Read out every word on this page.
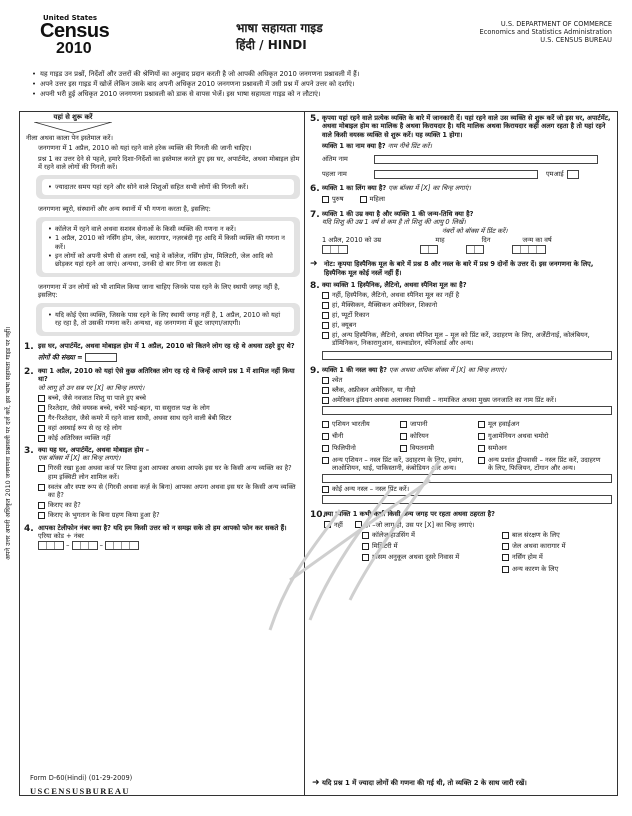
United States
Census
2010
भाषा सहायता गाइड
हिंदी / HINDI
U.S. DEPARTMENT OF COMMERCE
Economics and Statistics Administration
U.S. CENSUS BUREAU
• यह गाइड उन प्रश्नों, निर्देशों और उत्तरों की श्रेणियों का अनुवाद प्रदान करती है जो आपकी अधिकृत 2010 जनगणना प्रश्नावली में हैं।
• अपने उत्तर इस गाइड में खोजें लेकिन उसके बाद अपनी अधिकृत 2010 जनगणना प्रश्नावली में उसी प्रश्न में अपने उत्तर को दर्शाएं।
• अपनी भरी हुई अधिकृत 2010 जनगणना प्रश्नावली को डाक से वापस भेजें। इस भाषा सहायता गाइड को न लौटाएं।
अपने उत्तर अपनी अधिकृत 2010 जनगणना प्रश्नावली पर दर्ज करें, इस भाषा सहायता गाइड पर नहीं।
नीला अथवा काला पेन इस्तेमाल करें।
जनगणना में 1 अप्रैल, 2010 को यहां रहने वाले हरेक व्यक्ति की गिनती की जानी चाहिए।
प्रश्न 1 का उत्तर देने से पहले, हमारे दिशा-निर्देशों का इस्तेमाल करते हुए इस घर, अपार्टमेंट, अथवा मोबाइल होम में रहने वाले लोगों की गिनती करें।
• ज्यादातर समय यहां रहने और सोने वाले शिशुओं सहित सभी लोगों की गिनती करें।
जनगणना ब्यूरो, संस्थानों और अन्य स्थानों में भी गणना करता है, इसलिए:
• कॉलेज में रहने वाले अथवा सशस्त्र सेनाओं के किसी व्यक्ति की गणना न करें।
• 1 अप्रैल, 2010 को नर्सिंग होम, जेल, कारागार, नज़रबंदी गृह आदि में किसी व्यक्ति की गणना न करें।
• इन लोगों को अपनी श्रेणी से अलग रखें, चाहे वे कॉलेज, नर्सिंग होम, मिलिटरी, जेल आदि को छोड़कर यहां रहने आ जाएं। अन्यथा, उनकी दो बार गिना जा सकता है।
जनगणना में उन लोगों को भी शामिल किया जाना चाहिए जिनके पास रहने के लिए स्थायी जगह नहीं है, इसलिए:
• यदि कोई ऐसा व्यक्ति, जिसके पास रहने के लिए स्थायी जगह नहीं है, 1 अप्रैल, 2010 को यहां रह रहा है, तो उसकी गणना करें। अन्यथा, वह जनगणना में छूट जाएगा/जाएगी।
1. इस घर, अपार्टमेंट, अथवा मोबाइल होम में 1 अप्रैल, 2010 को कितने लोग रह रहे थे अथवा ठहरे हुए थे?
लोगों की संख्या =
2. क्या 1 अप्रैल, 2010 को यहां ऐसे कुछ अतिरिक्त लोग रह रहे थे जिन्हें आपने प्रश्न 1 में शामिल नहीं किया था?
जो लागू हो उन सब पर [X] का चिन्ह लगाएं।
बच्चे, जैसे नवजात शिशु या पाले हुए बच्चे
रिश्तेदार, जैसे वयस्क बच्चे, चचेरे भाई-बहन, या ससुराल पक्ष के लोग
गैर-रिश्तेदार, जैसे कमरे में रहने वाला साथी, अथवा साथ रहने वाली बेबी सिटर
वहां अस्थाई रूप से रह रहे लोग
कोई अतिरिक्त व्यक्ति नहीं
3. क्या यह घर, अपार्टमेंट, अथवा मोबाइल होम –
एक बॉक्स में [X] का चिन्ह लगाएं।
गिरवी रखा हुआ अथवा कर्ज पर लिया हुआ आपका अथवा आपके इस घर के किसी अन्य व्यक्ति का है? हाम इक्विटी लोन शामिल करें।
स्वतंत्र और स्पष्ट रूप से (गिरवी अथवा कर्ज़ के बिना) आपका अपना अथवा इस घर के किसी अन्य व्यक्ति का है?
किराए का है?
किराए के भुगतान के बिना ग्रहण किया हुआ है?
4. आपका टेलीफोन नंबर क्या है? यदि हम किसी उत्तर को न समझ सके तो हम आपको फोन कर सकते हैं।
एरिया कोड + नंबर
–	–
यहां से शुरू करें
Form D-60(Hindi) (01-29-2009)
USCENSUSBUREAU
5. कृपया यहां रहने वाले प्रत्येक व्यक्ति के बारे में जानकारी दें। यहां रहने वाले उस व्यक्ति से शुरू करें जो इस घर, अपार्टमेंट, अथवा मोबाइल होम का मालिक है अथवा किरायदार है। यदि मालिक अथवा किरायदार कहीं अलग रहता है तो यहां रहने वाले किसी वयस्क व्यक्ति से शुरू करें। यह व्यक्ति 1 होगा।
व्यक्ति 1 का नाम क्या है? नाम नीचे प्रिंट करें।
अंतिम नाम
पहला नाम	एमआई
6. व्यक्ति 1 का लिंग क्या है? एक बॉक्स में [X] का चिन्ह लगाएं।
पुरुष	महिला
7. व्यक्ति 1 की उम्र क्या है और व्यक्ति 1 की जन्म-तिथि क्या है?
यदि शिशु की उम्र 1 वर्ष से कम है तो शिशु की आयु 0 लिखें।
नंबरों को बॉक्स में प्रिंट करें।
1 अप्रैल, 2010 को उम्र	माह	दिन	जन्म का वर्ष
➜ नोट: कृपया हिस्पैनिक मूल के बारे में प्रश्न 8 और नस्ल के बारे में प्रश्न 9 दोनों के उत्तर दें। इस जनगणना के लिए, हिस्पैनिक मूल कोई नस्लें नहीं हैं।
8. क्या व्यक्ति 1 हिस्पैनिक, लैटिनो, अथवा स्पैनिश मूल का है?
नहीं, हिस्पैनिक, लैटिनो, अथवा स्पैनिश मूल का नहीं है
हां, मैक्सिकन, मैक्सिकन अमेरिकन, शिकानो
हां, प्यूर्टो रिकान
हां, क्यूबन
हां, अन्य हिस्पैनिक, लैटिनो, अथवा स्पैनिश मूल – मूल को प्रिंट करें, उदाहरण के लिए, अर्जेंटीनाई, कोलंबियन, डॉमिनिकन, निकारागुआन, सल्वाडोरन, स्पेनिआर्ड और अन्य।
9. व्यक्ति 1 की नस्ल क्या है? एक अथवा अधिक बॉक्स में [X] का चिन्ह लगाएं।
श्वेत
ब्लैक, अफ्रीकन अमेरिकन, या नीग्रो
अमेरिकन इंडियन अथवा अलास्का निवासी – नामांकित अथवा मुख्य जनजाति का नाम प्रिंट करें।
एशियन भारतीय	जापानी	मूल हवाईअन
चीनी	कोरियन	गुआमेनियन अथवा चमोरो
फिलिपीनो	वियतनामी	समोअन
अन्य एशियन – नस्ल प्रिंट करें, उदाहरण के लिए, हमांग, लाओशियन, थाई, पाकिस्तानी, कंबोडियन और अन्य।
अन्य प्रशांत द्वीपवासी – नस्ल प्रिंट करें, उदाहरण के लिए, फिजियन, टोंगान और अन्य।
कोई अन्य नस्ल – नस्ल प्रिंट करें।
10.
क्या व्यक्ति 1 कभी-कभी किसी अन्य जगह पर रहता अथवा ठहरता है?
नहीं	हां –जो लागू हो, उस पर [X] का चिन्ह लगाएं।
कॉलेज हाउसिंग में	बाल संरक्षण के लिए
मिलिटरी में	जेल अथवा कारागार में
मौसम अनुकूल अथवा दूसरे निवास में	नर्सिंग होम में
अन्य कारण के लिए
➜ यदि प्रश्न 1 में ज्यादा लोगों की गणना की गई थी, तो व्यक्ति 2 के साथ जारी रखें।
